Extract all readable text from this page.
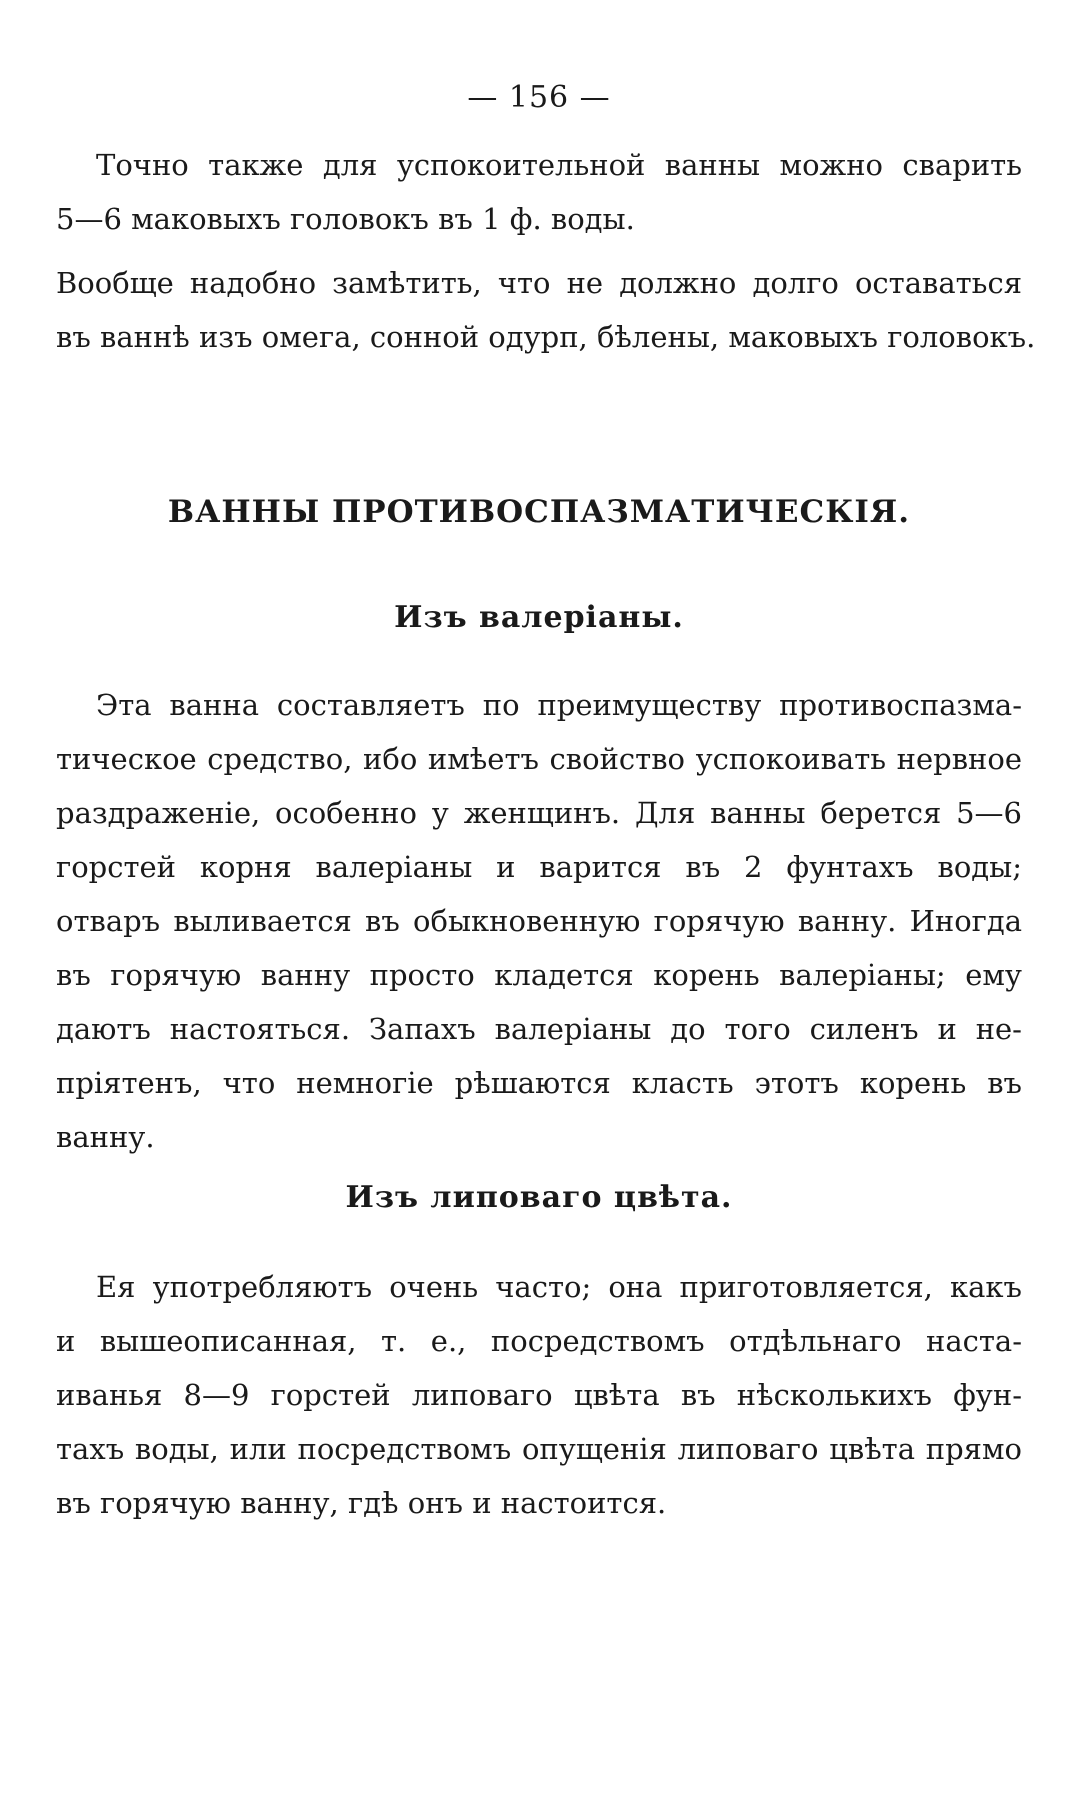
— 156 —
Точно также для успокоительной ванны можно сварить
5—6 маковыхъ головокъ въ 1 ф. воды.
Вообще надобно замѣтить, что не должно долго оставаться
въ ваннѣ изъ омега, сонной одурп, бѣлены, маковыхъ головокъ.
ВАННЫ ПРОТИВОСПАЗМАТИЧЕСКІЯ.
Изъ валеріаны.
Эта ванна составляетъ по преимуществу противоспазма-
тическое средство, ибо имѣетъ свойство успокоивать нервное
раздраженіе, особенно у женщинъ. Для ванны берется 5—6
горстей корня валеріаны и варится въ 2 фунтахъ воды;
отваръ выливается въ обыкновенную горячую ванну. Иногда
въ горячую ванну просто кладется корень валеріаны; ему
даютъ настояться. Запахъ валеріаны до того силенъ и не-
пріятенъ, что немногіе рѣшаются класть этотъ корень въ
ванну.
Изъ липоваго цвѣта.
Ея употребляютъ очень часто; она приготовляется, какъ
и вышеописанная, т. е., посредствомъ отдѣльнаго наста-
иванья 8—9 горстей липоваго цвѣта въ нѣсколькихъ фун-
тахъ воды, или посредствомъ опущенія липоваго цвѣта прямо
въ горячую ванну, гдѣ онъ и настоится.
